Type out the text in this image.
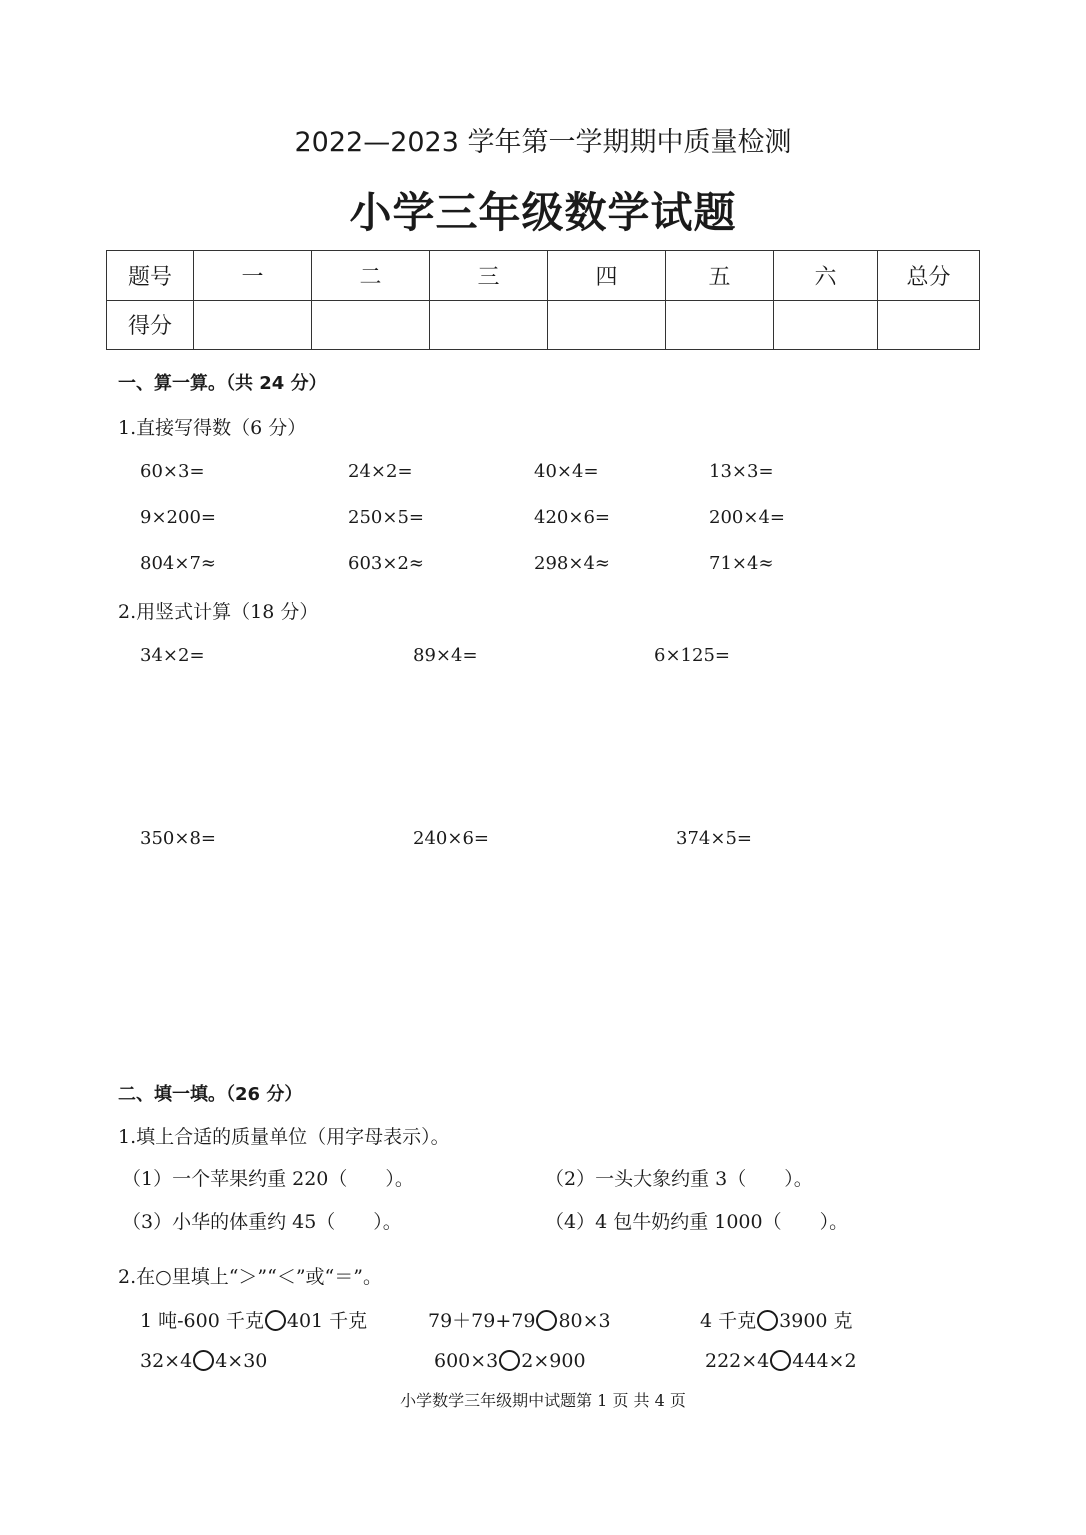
2022—2023 学年第一学期期中质量检测
小学三年级数学试题
题号	一	二	三	四	五	六	总分
得分							
一、算一算。（共 24 分）
1.直接写得数（6 分）
60×3=	24×2=	40×4=	13×3=
9×200=	250×5=	420×6=	200×4=
804×7≈	603×2≈	298×4≈	71×4≈
2.用竖式计算（18 分）
34×2=	89×4=	6×125=
350×8=	240×6=	374×5=
二、填一填。（26 分）
1.填上合适的质量单位（用字母表示）。
（1）一个苹果约重 220（　　）。	（2）一头大象约重 3（　　）。
（3）小华的体重约 45（　　）。	（4）4 包牛奶约重 1000（　　）。
2.在○里填上“＞”“＜”或“＝”。
1 吨-600 千克 401 千克	79＋79+79 80×3	4 千克 3900 克
32×4 4×30	600×3 2×900	222×4 444×2
小学数学三年级期中试题第 1 页 共 4 页
